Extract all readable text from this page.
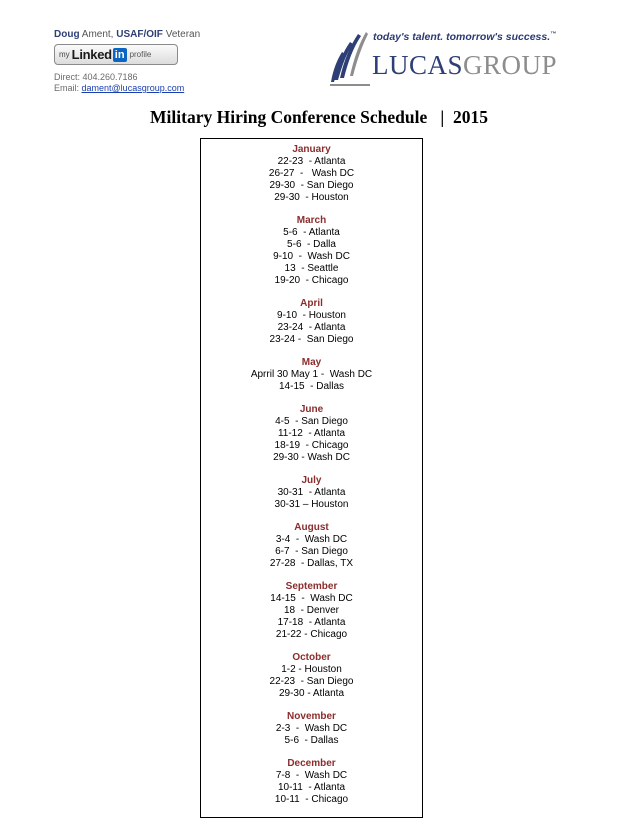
Doug Ament, USAF/OIF Veteran
my Linked in profile
Direct: 404.260.7186
Email: dament@lucasgroup.com
today's talent. tomorrow's success.™
LUCASGROUP
Military Hiring Conference Schedule   |  2015
January
22-23  - Atlanta
26-27  -   Wash DC
29-30  - San Diego
29-30  - Houston
March
5-6  - Atlanta
5-6  - Dalla
9-10  -  Wash DC
13  - Seattle
19-20  - Chicago
April
9-10  - Houston
23-24  - Atlanta
23-24 -  San Diego
May
Aprril 30 May 1 -  Wash DC
14-15  - Dallas
June
4-5  - San Diego
11-12  - Atlanta
18-19  - Chicago
29-30 - Wash DC
July
30-31  - Atlanta
30-31 – Houston
August
3-4  -  Wash DC
6-7  - San Diego
27-28  - Dallas, TX
September
14-15  -  Wash DC
18  - Denver
17-18  - Atlanta
21-22 - Chicago
October
1-2 - Houston
22-23  - San Diego
29-30 - Atlanta
November
2-3  -  Wash DC
5-6  - Dallas
December
7-8  -  Wash DC
10-11  - Atlanta
10-11  - Chicago
